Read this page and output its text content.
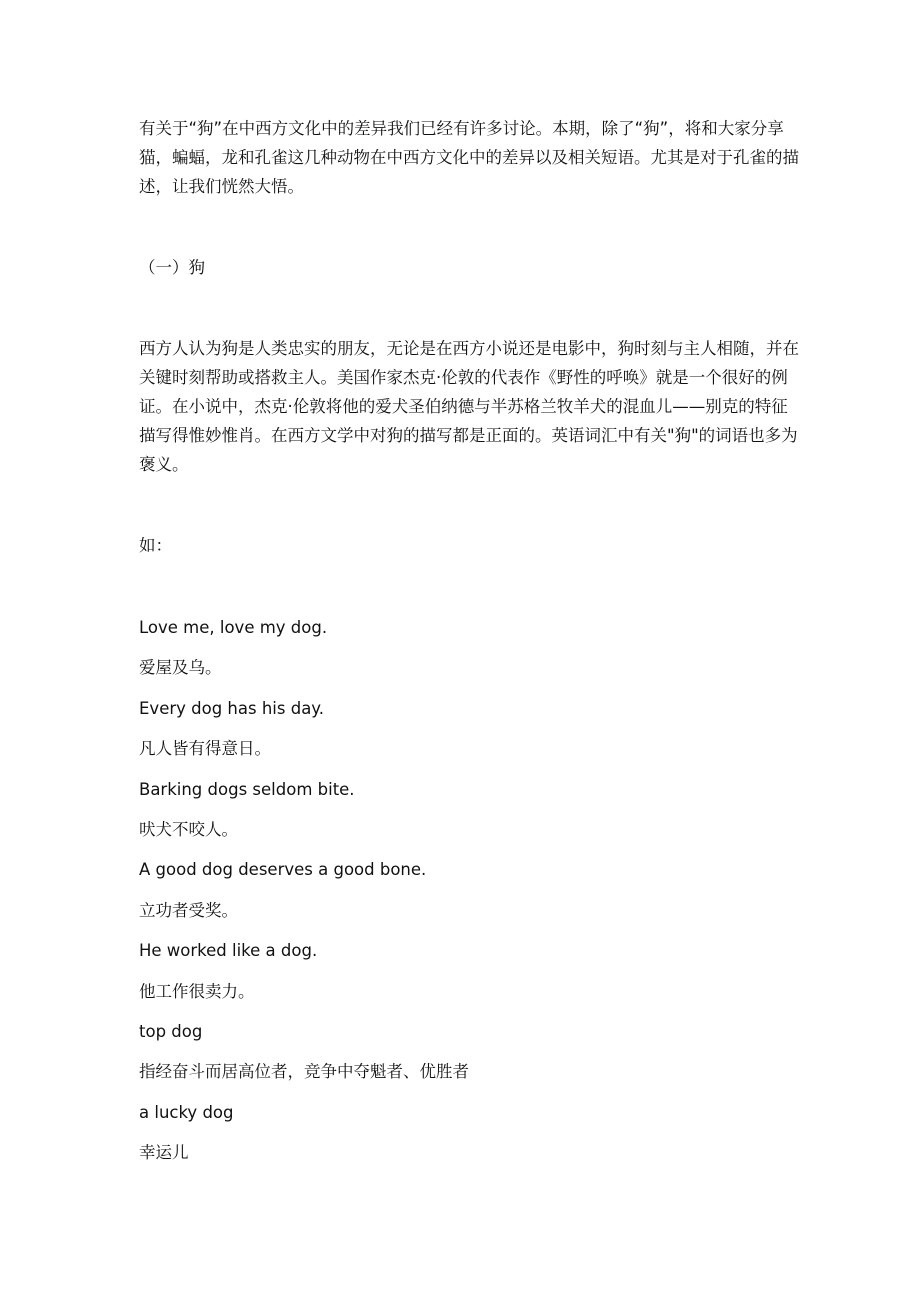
有关于“狗”在中西方文化中的差异我们已经有许多讨论。本期，除了“狗”，将和大家分享猫，蝙蝠，龙和孔雀这几种动物在中西方文化中的差异以及相关短语。尤其是对于孔雀的描述，让我们恍然大悟。

（一）狗

西方人认为狗是人类忠实的朋友，无论是在西方小说还是电影中，狗时刻与主人相随，并在关键时刻帮助或搭救主人。美国作家杰克·伦敦的代表作《野性的呼唤》就是一个很好的例证。在小说中，杰克·伦敦将他的爱犬圣伯纳德与半苏格兰牧羊犬的混血儿——别克的特征描写得惟妙惟肖。在西方文学中对狗的描写都是正面的。英语词汇中有关"狗"的词语也多为褒义。

如：

Love me, love my dog.
爱屋及乌。
Every dog has his day.
凡人皆有得意日。
Barking dogs seldom bite.
吠犬不咬人。
A good dog deserves a good bone.
立功者受奖。
He worked like a dog.
他工作很卖力。
top dog
指经奋斗而居高位者，竞争中夺魁者、优胜者
a lucky dog
幸运儿
